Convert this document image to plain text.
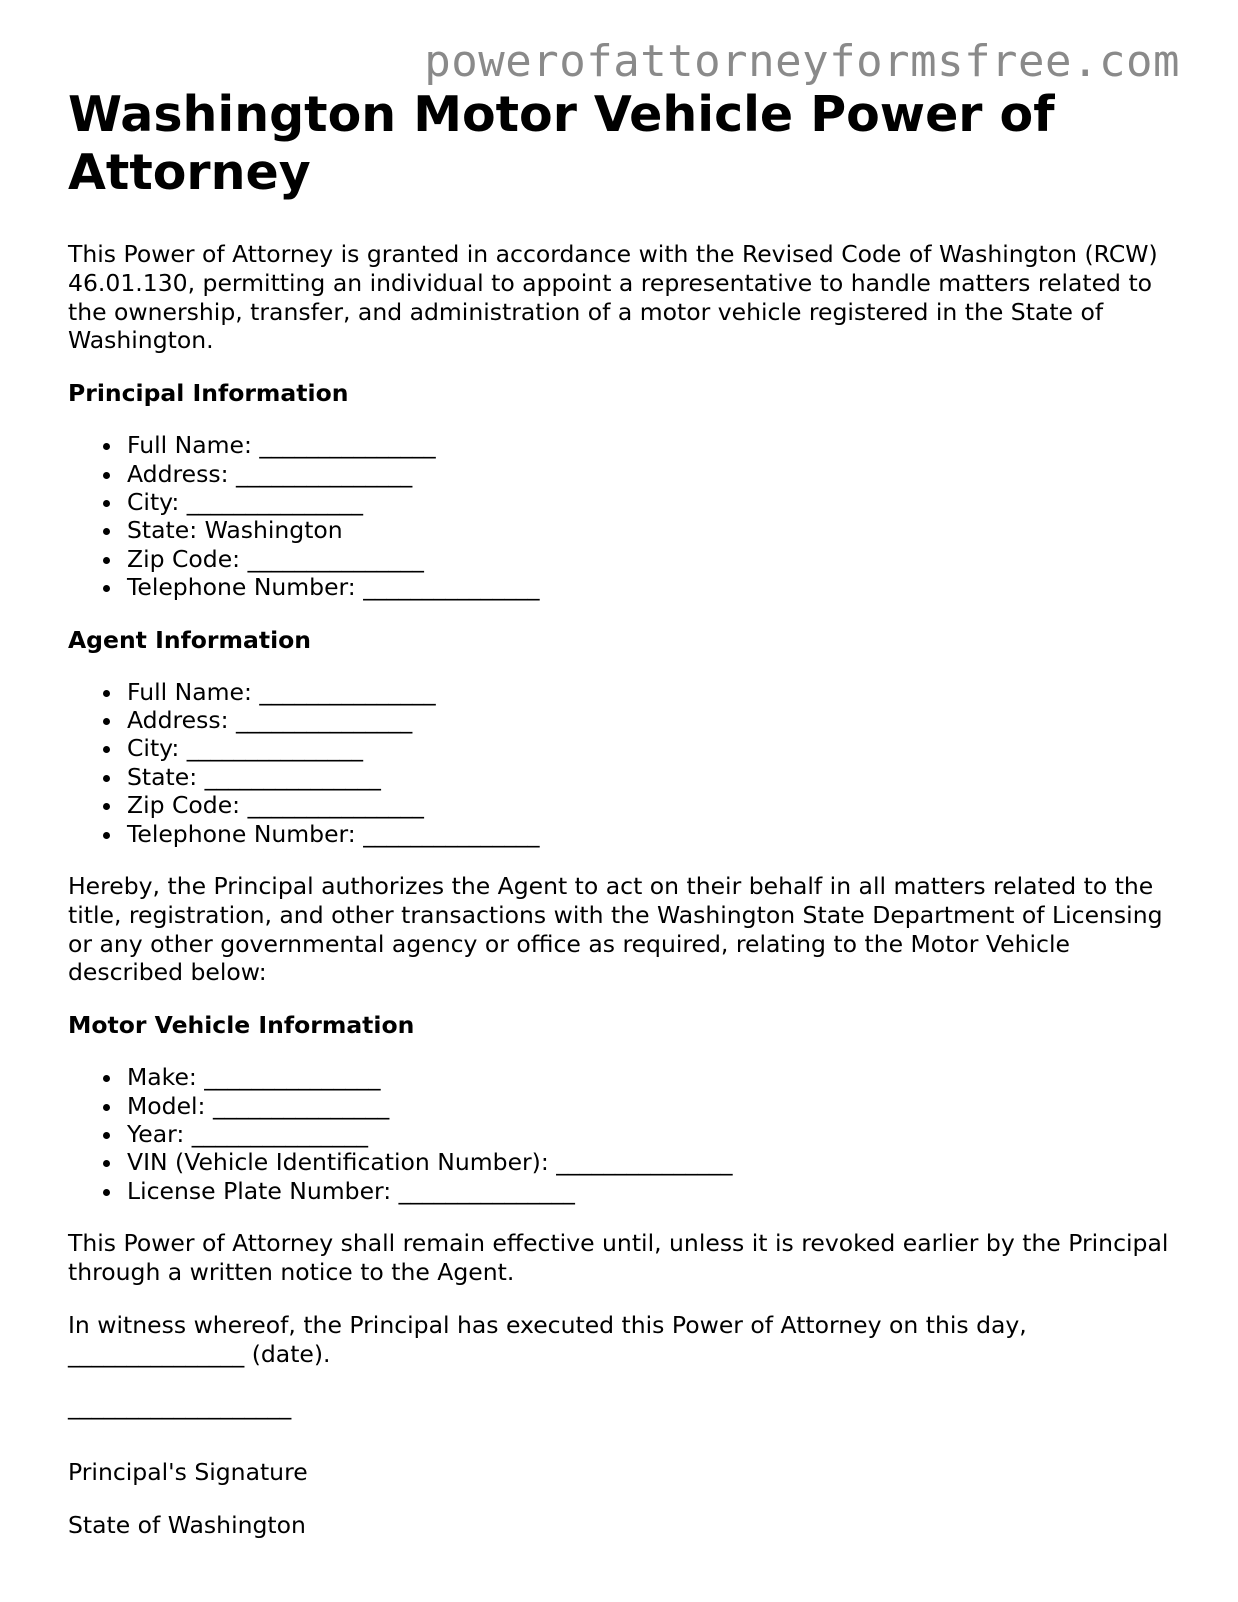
powerofattorneyformsfree.com
Washington Motor Vehicle Power of Attorney

This Power of Attorney is granted in accordance with the Revised Code of Washington (RCW) 46.01.130, permitting an individual to appoint a representative to handle matters related to the ownership, transfer, and administration of a motor vehicle registered in the State of Washington.

Principal Information
Full Name: _______________
Address: _______________
City: _______________
State: Washington
Zip Code: _______________
Telephone Number: _______________
Agent Information
Full Name: _______________
Address: _______________
City: _______________
State: _______________
Zip Code: _______________
Telephone Number: _______________

Hereby, the Principal authorizes the Agent to act on their behalf in all matters related to the title, registration, and other transactions with the Washington State Department of Licensing or any other governmental agency or office as required, relating to the Motor Vehicle described below:

Motor Vehicle Information
Make: _______________
Model: _______________
Year: _______________
VIN (Vehicle Identification Number): _______________
License Plate Number: _______________

This Power of Attorney shall remain effective until, unless it is revoked earlier by the Principal through a written notice to the Agent.

In witness whereof, the Principal has executed this Power of Attorney on this day, _______________ (date).

___________________

Principal's Signature

State of Washington
